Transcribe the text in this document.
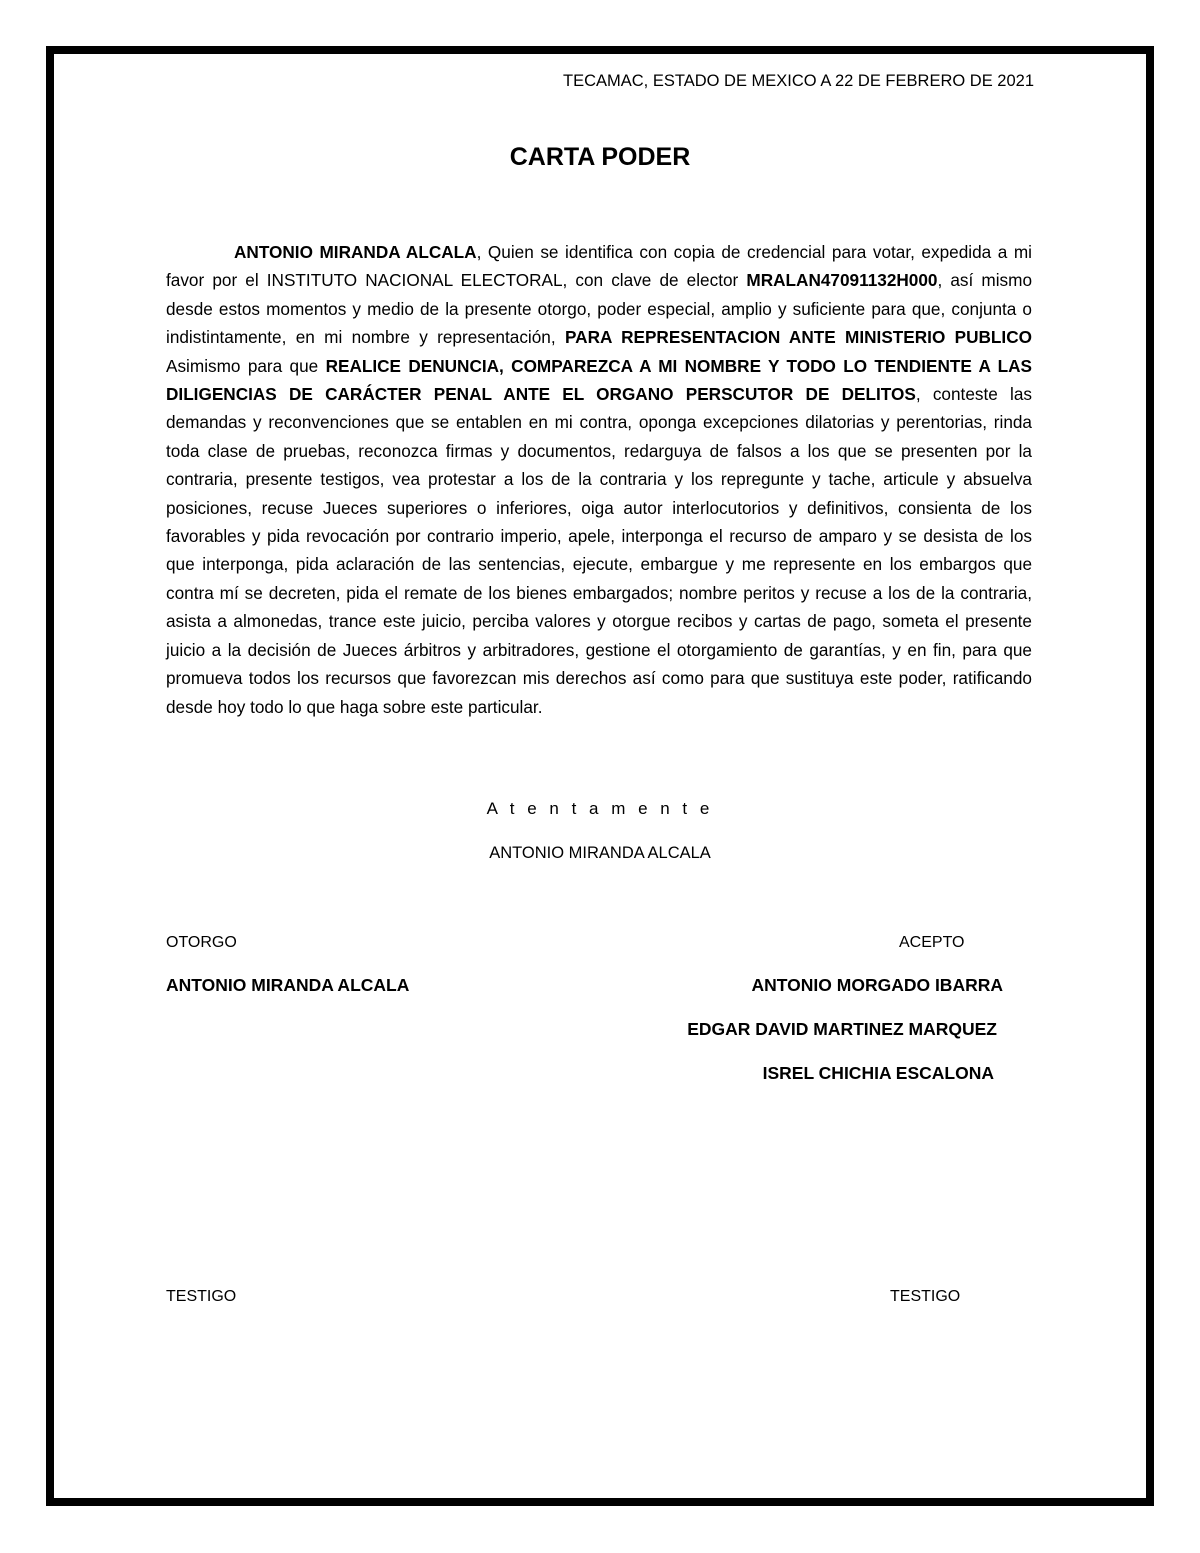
TECAMAC, ESTADO DE MEXICO A 22 DE FEBRERO DE 2021
CARTA PODER

ANTONIO MIRANDA ALCALA, Quien se identifica con copia de credencial para votar, expedida a mi favor por el INSTITUTO NACIONAL ELECTORAL, con clave de elector MRALAN47091132H000, así mismo desde estos momentos y medio de la presente otorgo, poder especial, amplio y suficiente para que, conjunta o indistintamente, en mi nombre y representación, PARA REPRESENTACION ANTE MINISTERIO PUBLICO Asimismo para que REALICE DENUNCIA, COMPAREZCA A MI NOMBRE Y TODO LO TENDIENTE A LAS DILIGENCIAS DE CARÁCTER PENAL ANTE EL ORGANO PERSCUTOR DE DELITOS, conteste las demandas y reconvenciones que se entablen en mi contra, oponga excepciones dilatorias y perentorias, rinda toda clase de pruebas, reconozca firmas y documentos, redarguya de falsos a los que se presenten por la contraria, presente testigos, vea protestar a los de la contraria y los repregunte y tache, articule y absuelva posiciones, recuse Jueces superiores o inferiores, oiga autor interlocutorios y definitivos, consienta de los favorables y pida revocación por contrario imperio, apele, interponga el recurso de amparo y se desista de los que interponga, pida aclaración de las sentencias, ejecute, embargue y me represente en los embargos que contra mí se decreten, pida el remate de los bienes embargados; nombre peritos y recuse a los de la contraria, asista a almonedas, trance este juicio, perciba valores y otorgue recibos y cartas de pago, someta el presente juicio a la decisión de Jueces árbitros y arbitradores, gestione el otorgamiento de garantías, y en fin, para que promueva todos los recursos que favorezcan mis derechos así como para que sustituya este poder, ratificando desde hoy todo lo que haga sobre este particular.

A t e n t a m e n t e
ANTONIO MIRANDA ALCALA
OTORGO	ACEPTO
ANTONIO MIRANDA ALCALA	ANTONIO MORGADO IBARRA
EDGAR DAVID MARTINEZ MARQUEZ
ISREL CHICHIA ESCALONA
TESTIGO	TESTIGO
